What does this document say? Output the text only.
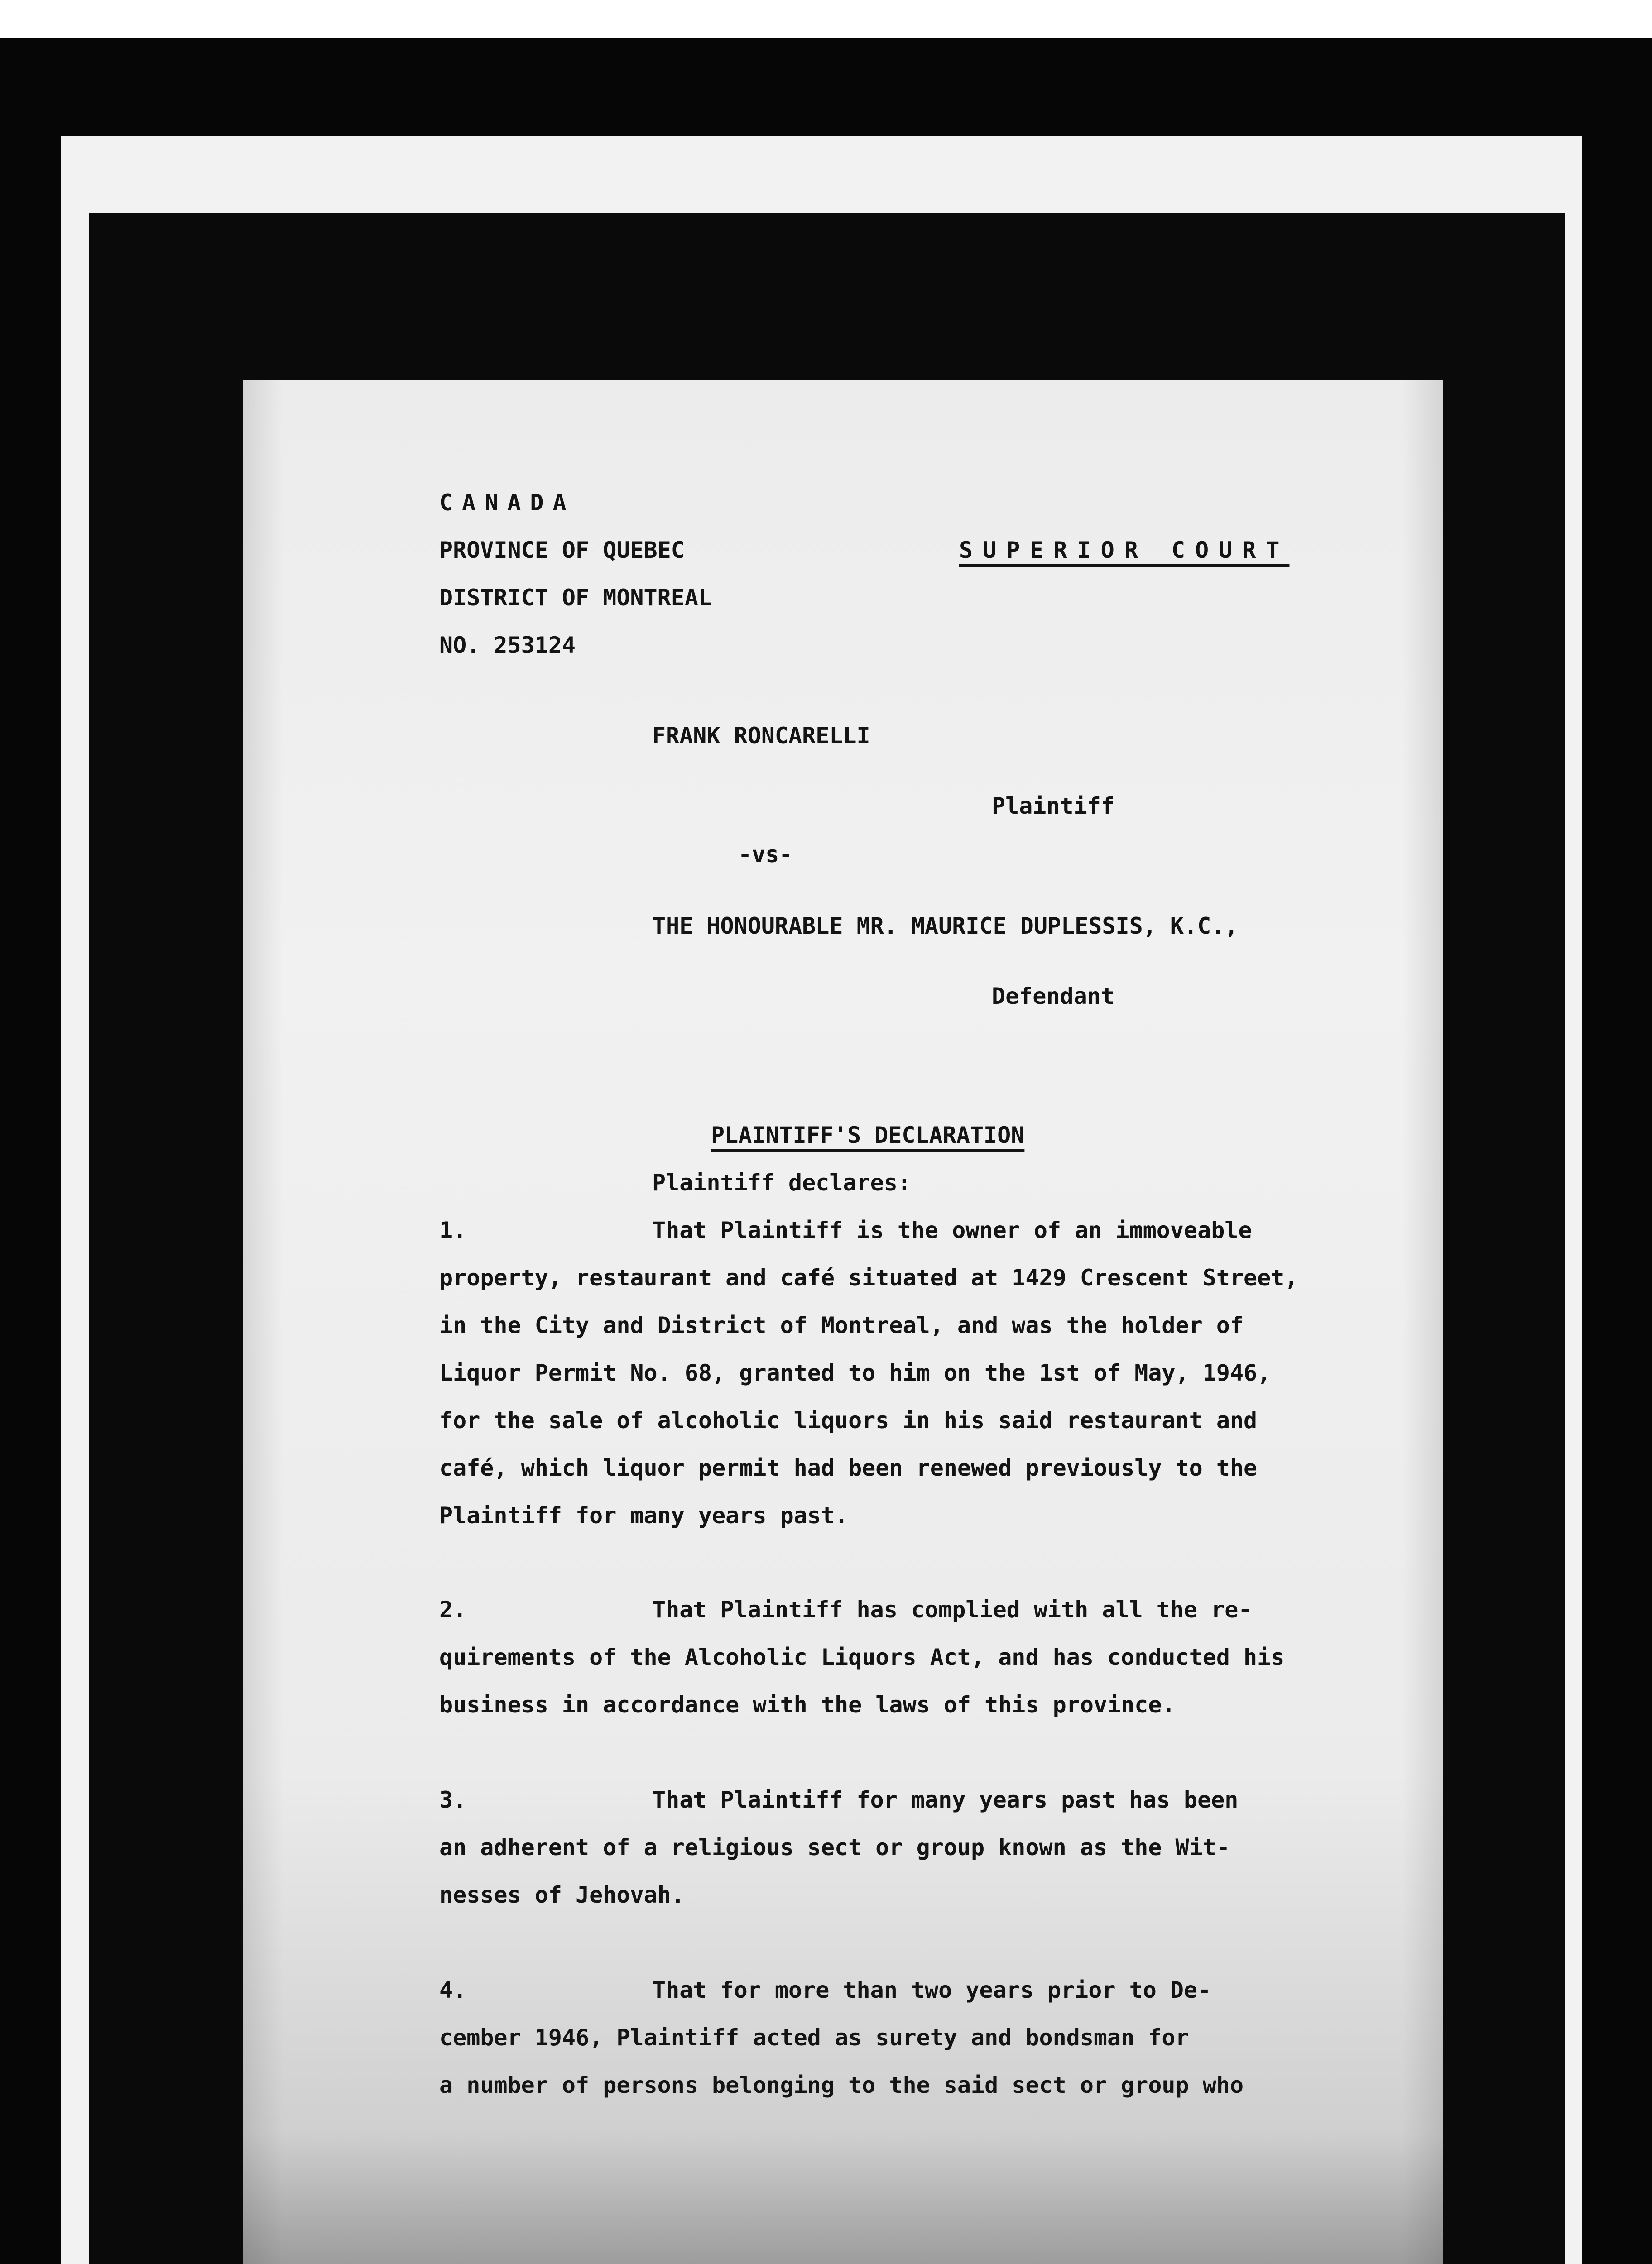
CANADA
PROVINCE OF QUEBEC
DISTRICT OF MONTREAL
NO. 253124
SUPERIOR COURT
FRANK RONCARELLI
Plaintiff
-vs-
THE HONOURABLE MR. MAURICE DUPLESSIS, K.C.,
Defendant
PLAINTIFF'S DECLARATION
Plaintiff declares:
1.	That Plaintiff is the owner of an immoveable
property, restaurant and café situated at 1429 Crescent Street,
in the City and District of Montreal, and was the holder of
Liquor Permit No. 68, granted to him on the 1st of May, 1946,
for the sale of alcoholic liquors in his said restaurant and
café, which liquor permit had been renewed previously to the
Plaintiff for many years past.
2.	That Plaintiff has complied with all the re-
quirements of the Alcoholic Liquors Act, and has conducted his
business in accordance with the laws of this province.
3.	That Plaintiff for many years past has been
an adherent of a religious sect or group known as the Wit-
nesses of Jehovah.
4.	That for more than two years prior to De-
cember 1946, Plaintiff acted as surety and bondsman for
a number of persons belonging to the said sect or group who
